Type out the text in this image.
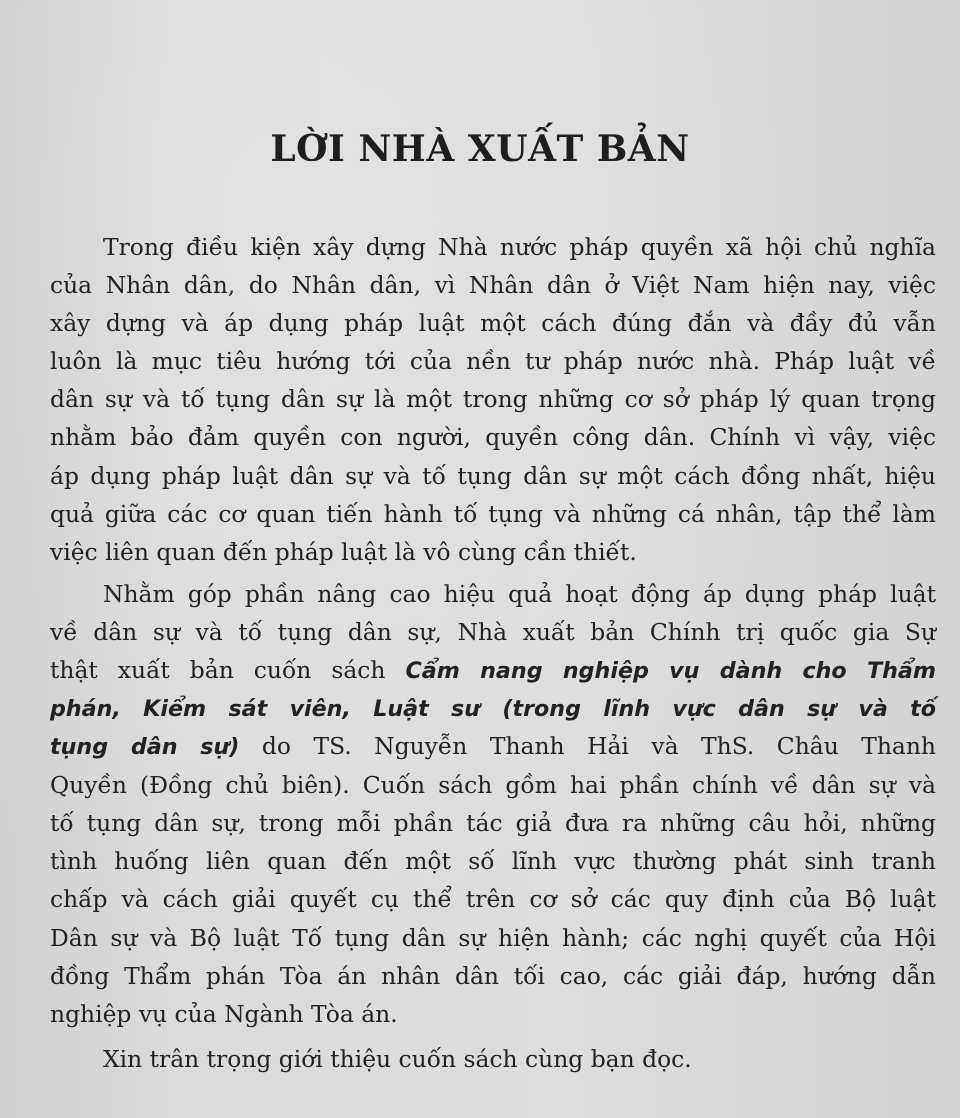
LỜI NHÀ XUẤT BẢN

Trong điều kiện xây dựng Nhà nước pháp quyền xã hội chủ nghĩa

của Nhân dân, do Nhân dân, vì Nhân dân ở Việt Nam hiện nay, việc

xây dựng và áp dụng pháp luật một cách đúng đắn và đầy đủ vẫn

luôn là mục tiêu hướng tới của nền tư pháp nước nhà. Pháp luật về

dân sự và tố tụng dân sự là một trong những cơ sở pháp lý quan trọng

nhằm bảo đảm quyền con người, quyền công dân. Chính vì vậy, việc

áp dụng pháp luật dân sự và tố tụng dân sự một cách đồng nhất, hiệu

quả giữa các cơ quan tiến hành tố tụng và những cá nhân, tập thể làm

việc liên quan đến pháp luật là vô cùng cần thiết.

Nhằm góp phần nâng cao hiệu quả hoạt động áp dụng pháp luật

về dân sự và tố tụng dân sự, Nhà xuất bản Chính trị quốc gia Sự

thật xuất bản cuốn sách Cẩm nang nghiệp vụ dành cho Thẩm

phán, Kiểm sát viên, Luật sư (trong lĩnh vực dân sự và tố

tụng dân sự) do TS. Nguyễn Thanh Hải và ThS. Châu Thanh

Quyền (Đồng chủ biên). Cuốn sách gồm hai phần chính về dân sự và

tố tụng dân sự, trong mỗi phần tác giả đưa ra những câu hỏi, những

tình huống liên quan đến một số lĩnh vực thường phát sinh tranh

chấp và cách giải quyết cụ thể trên cơ sở các quy định của Bộ luật

Dân sự và Bộ luật Tố tụng dân sự hiện hành; các nghị quyết của Hội

đồng Thẩm phán Tòa án nhân dân tối cao, các giải đáp, hướng dẫn

nghiệp vụ của Ngành Tòa án.

Xin trân trọng giới thiệu cuốn sách cùng bạn đọc.
